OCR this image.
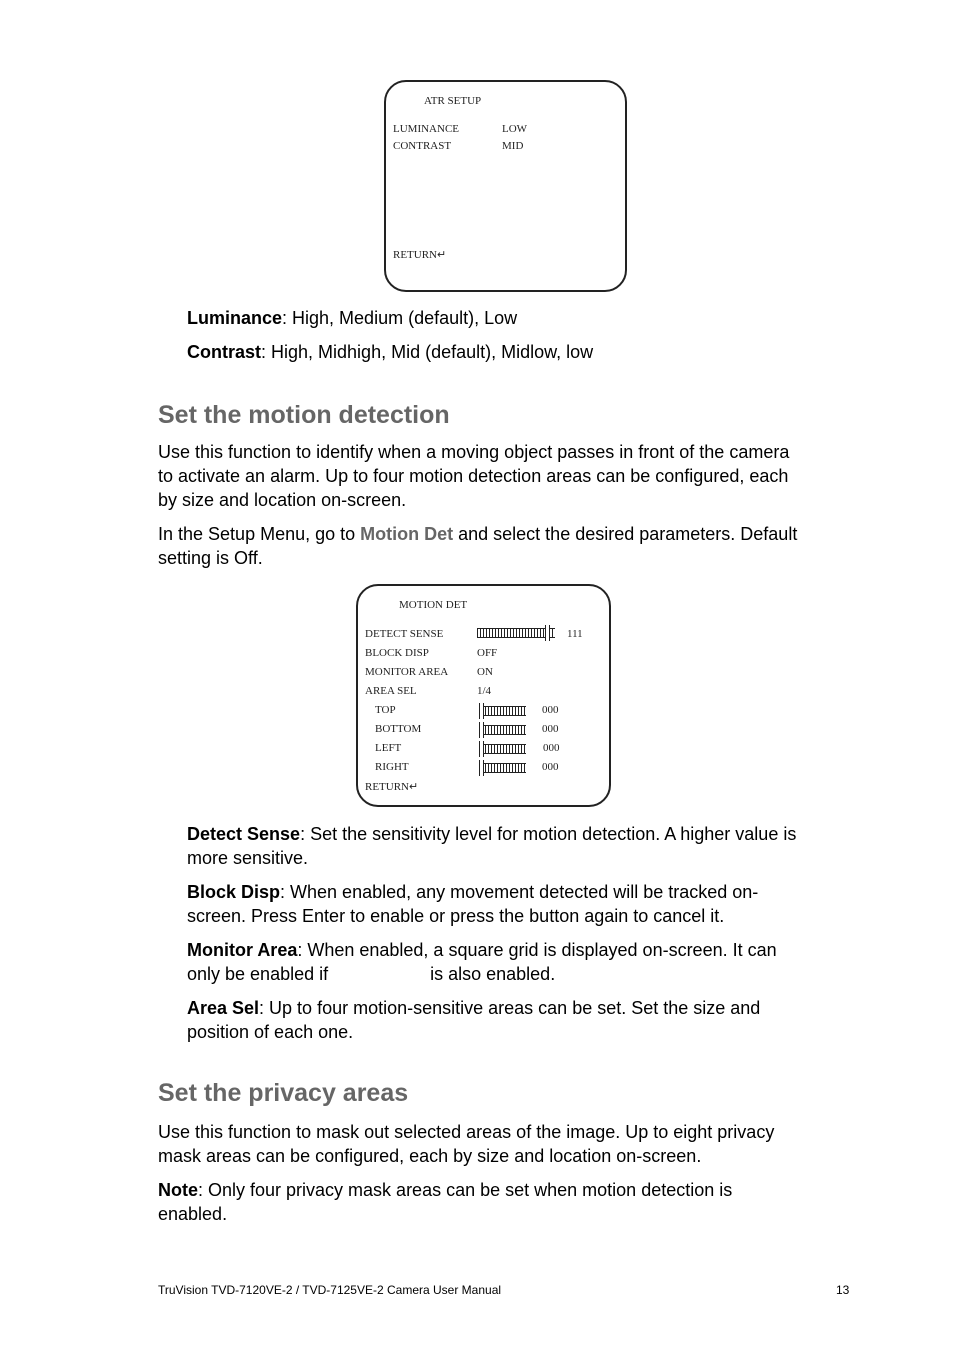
ATR SETUP
LUMINANCE	LOW
CONTRAST	MID
RETURN↵
Luminance: High, Medium (default), Low
Contrast: High, Midhigh, Mid (default), Midlow, low
Set the motion detection
Use this function to identify when a moving object passes in front of the camera
to activate an alarm. Up to four motion detection areas can be configured, each
by size and location on-screen.
In the Setup Menu, go to Motion Det and select the desired parameters. Default
setting is Off.
MOTION DET
DETECT SENSE	111
BLOCK DISP	OFF
MONITOR AREA	ON
AREA SEL	1/4
TOP	000
BOTTOM	000
LEFT	000
RIGHT	000
RETURN↵
Detect Sense: Set the sensitivity level for motion detection. A higher value is
more sensitive.
Block Disp: When enabled, any movement detected will be tracked on-
screen. Press Enter to enable or press the button again to cancel it.
Monitor Area: When enabled, a square grid is displayed on-screen. It can
only be enabled if	is also enabled.
Area Sel: Up to four motion-sensitive areas can be set. Set the size and
position of each one.
Set the privacy areas
Use this function to mask out selected areas of the image. Up to eight privacy
mask areas can be configured, each by size and location on-screen.
Note: Only four privacy mask areas can be set when motion detection is
enabled.
TruVision TVD-7120VE-2 / TVD-7125VE-2 Camera User Manual	13
